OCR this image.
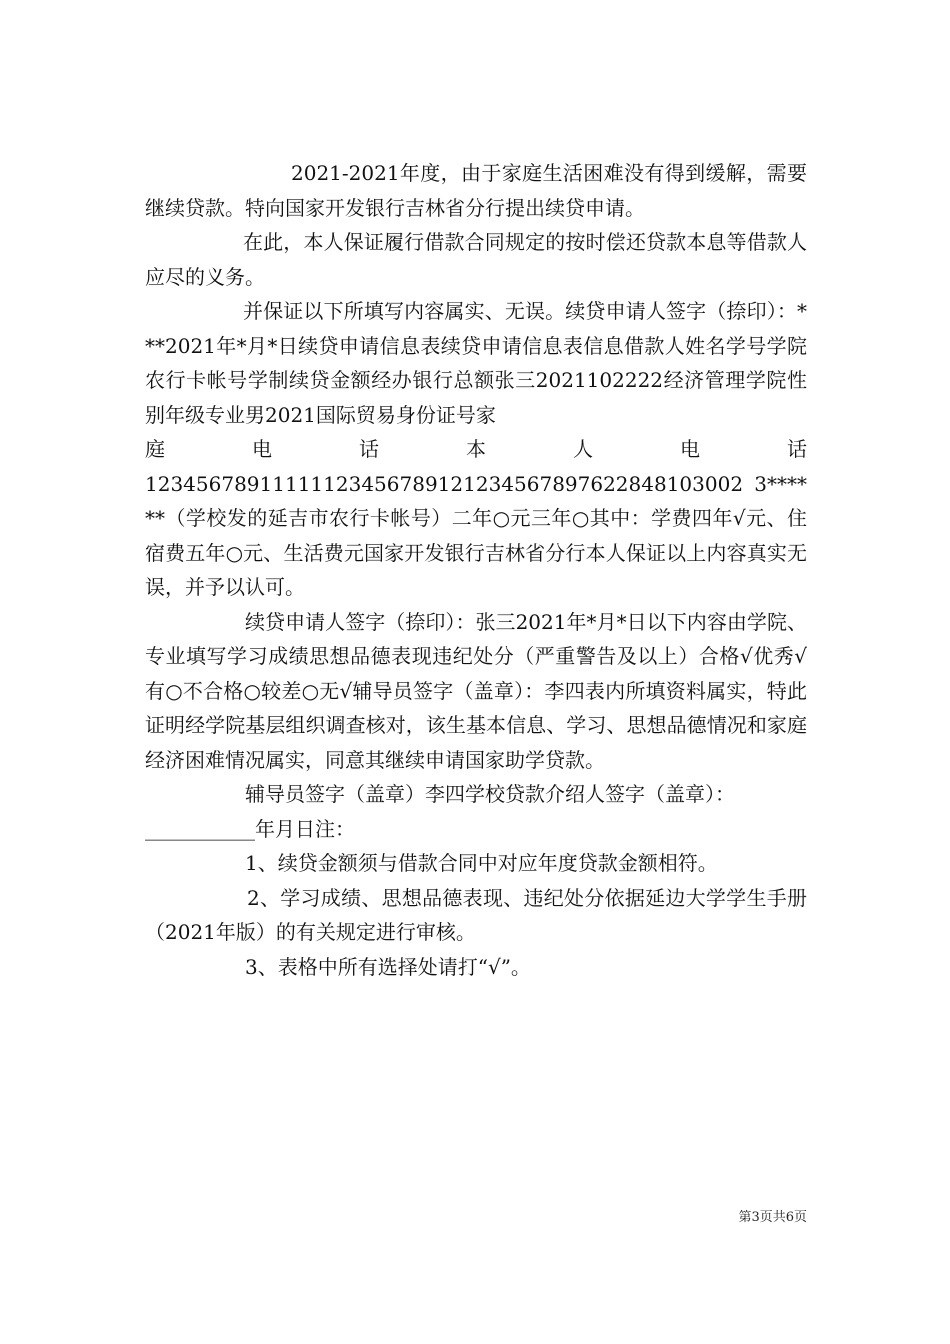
2021-2021年度，由于家庭生活困难没有得到缓解，需要继续贷款。特向国家开发银行吉林省分行提出续贷申请。

在此，本人保证履行借款合同规定的按时偿还贷款本息等借款人应尽的义务。

并保证以下所填写内容属实、无误。续贷申请人签字（捺印）：***2021年*月*日续贷申请信息表续贷申请信息表信息借款人姓名学号学院农行卡帐号学制续贷金额经办银行总额张三2021102222经济管理学院性别年级专业男2021国际贸易身份证号家

庭 电 话 本 人 电 话

12345678911111123456789121234567897622848103002 3******（学校发的延吉市农行卡帐号）二年○元三年○其中：学费四年√元、住宿费五年○元、生活费元国家开发银行吉林省分行本人保证以上内容真实无误，并予以认可。

续贷申请人签字（捺印）：张三2021年*月*日以下内容由学院、专业填写学习成绩思想品德表现违纪处分（严重警告及以上）合格√优秀√有○不合格○较差○无√辅导员签字（盖章）：李四表内所填资料属实，特此证明经学院基层组织调查核对，该生基本信息、学习、思想品德情况和家庭经济困难情况属实，同意其继续申请国家助学贷款。

辅导员签字（盖章）李四学校贷款介绍人签字（盖章）：

___________年月日注：

1、续贷金额须与借款合同中对应年度贷款金额相符。

2、学习成绩、思想品德表现、违纪处分依据延边大学学生手册（2021年版）的有关规定进行审核。

3、表格中所有选择处请打“√”。

第3页共6页
